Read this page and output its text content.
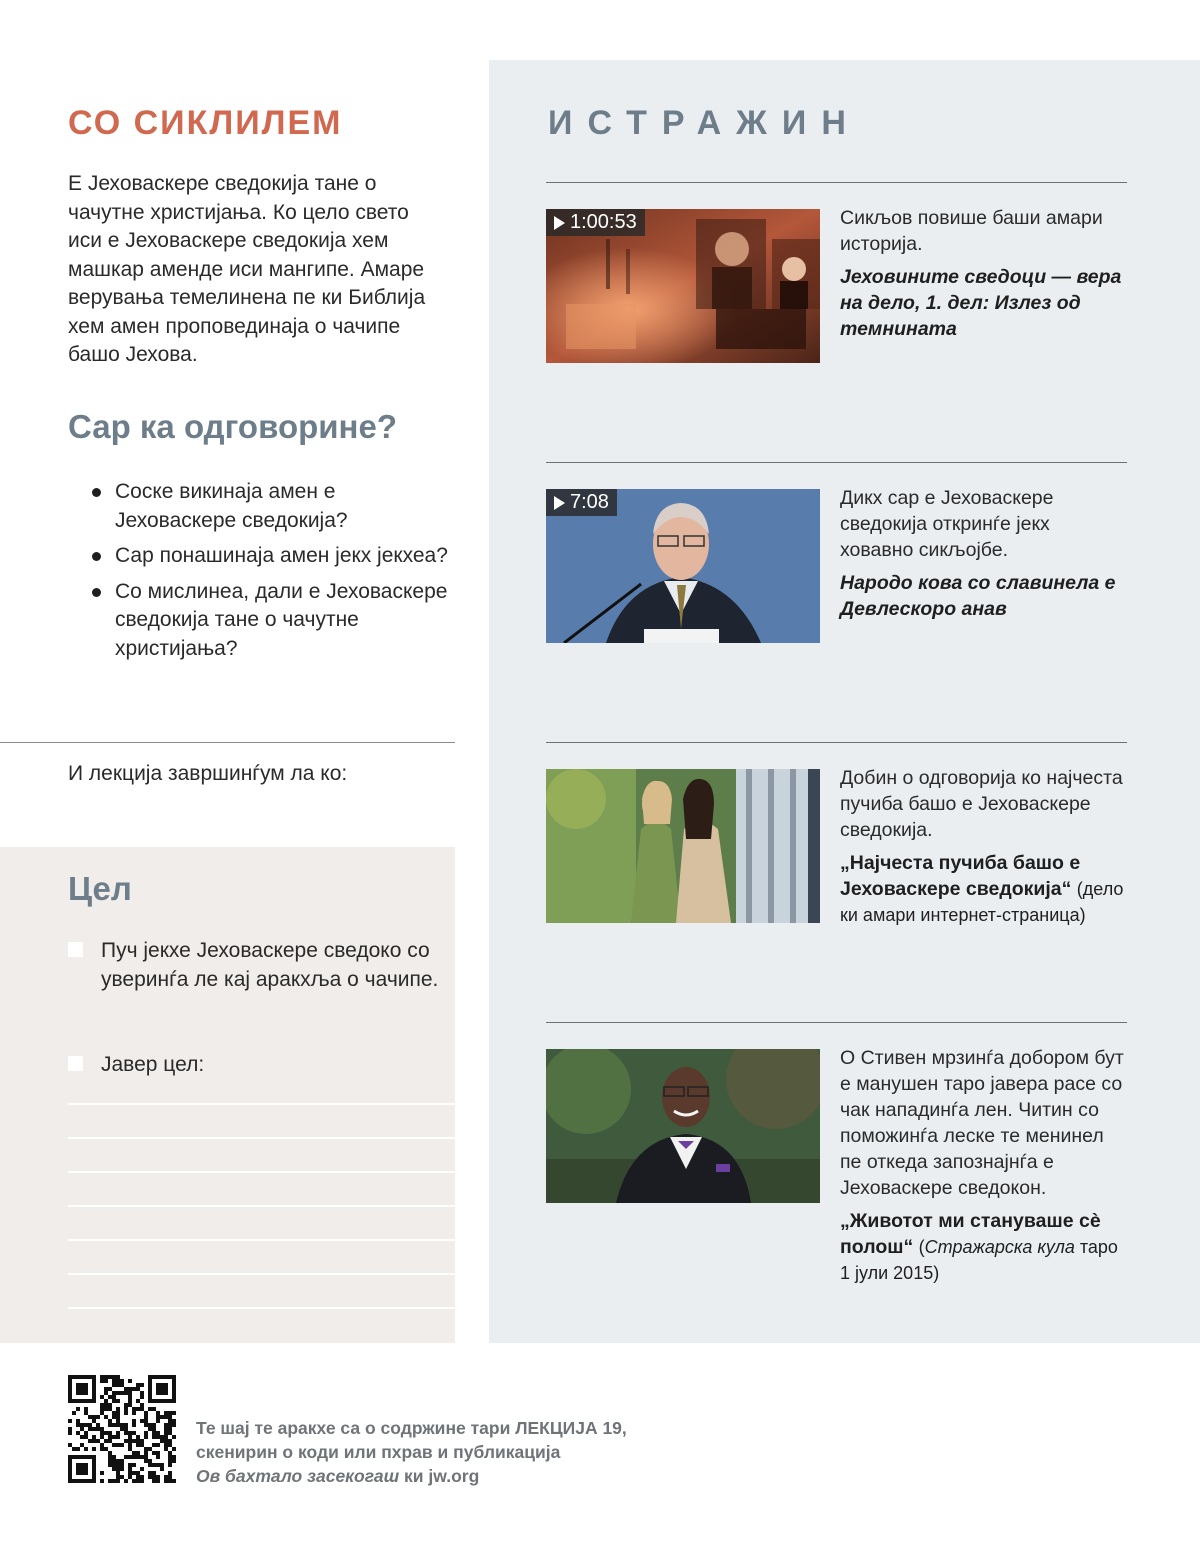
СО СИКЛИЛЕМ

Е Јеховаскере сведокија тане о чачутне христијања. Ко цело свето иси е Јеховаскере сведокија хем машкар аменде иси мангипе. Амаре верувања темелинена пе ки Библија хем амен проповединаја о чачипе башо Јехова.

Сар ка одговорине?
Соске викинаја амен е Јеховаскере сведокија?
Сар понашинаја амен јекх јекхеа?
Со мислинеа, дали е Јеховаскере сведокија тане о чачутне христијања?

И лекција завршинѓум ла ко:

Цел
Пуч јекхе Јеховаскере сведоко со уверинѓа ле кај аракхља о чачипе.
Јавер цел:
ИСТРАЖИН
1:00:53	Сикљов повише баши амари историја.

Јеховините сведоци — вера на дело, 1. дел: Излез од темнината

7:08	Дикх сар е Јеховаскере сведокија откринѓе јекх ховавно сикљојбе.

Народо кова со славинела е Девлескоро анав

Добин о одговорија ко најчеста пучиба башо е Јеховаскере сведокија.

„Најчеста пучиба башо е Јеховаскере сведокија“ (дело ки амари интернет-страница)

О Стивен мрзинѓа добором бут е манушен таро јавера расе со чак нападинѓа лен. Читин со поможинѓа леске те менинел пе откеда запознајнѓа е Јеховаскере сведокон.

„Животот ми стануваше сè полош“ (Стражарска кула таро 1 јули 2015)

Те шај те аракхе са о содржине тари ЛЕКЦИЈА 19,
скенирин о коди или пхрав и публикација
Ов бахтало засекогаш ки jw.org
